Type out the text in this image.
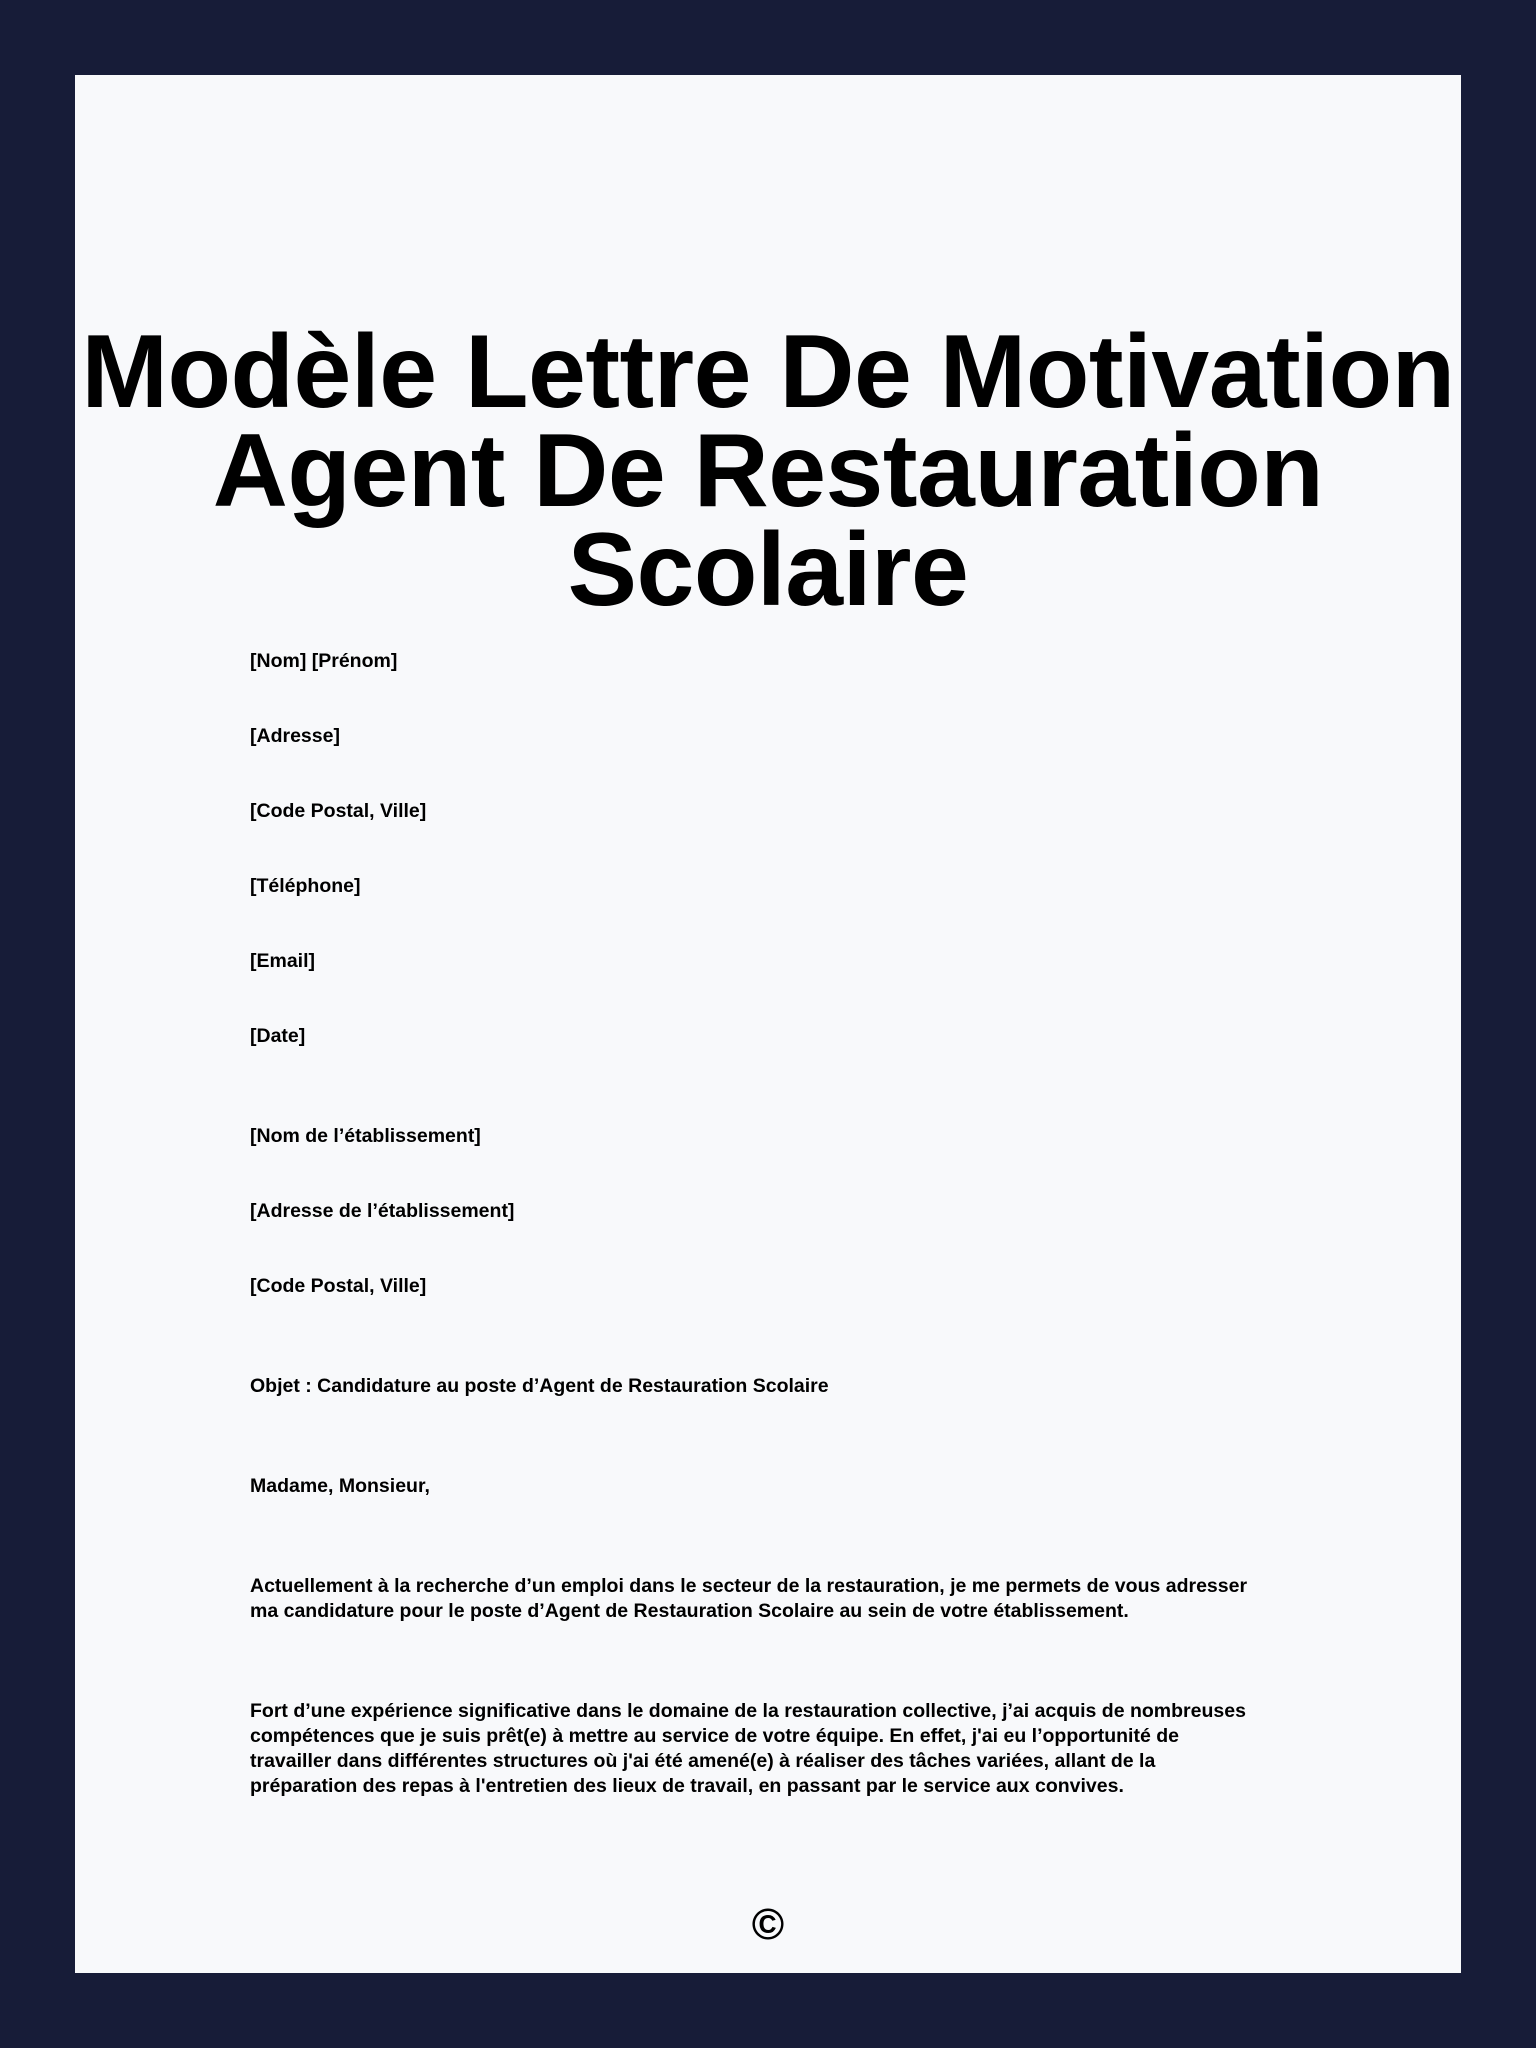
Modèle Lettre De Motivation
Agent De Restauration
Scolaire

[Nom] [Prénom]

[Adresse]

[Code Postal, Ville]

[Téléphone]

[Email]

[Date]

[Nom de l’établissement]

[Adresse de l’établissement]

[Code Postal, Ville]

Objet : Candidature au poste d’Agent de Restauration Scolaire

Madame, Monsieur,

Actuellement à la recherche d’un emploi dans le secteur de la restauration, je me permets de vous adresser
ma candidature pour le poste d’Agent de Restauration Scolaire au sein de votre établissement.
Fort d’une expérience significative dans le domaine de la restauration collective, j’ai acquis de nombreuses
compétences que je suis prêt(e) à mettre au service de votre équipe. En effet, j'ai eu l’opportunité de
travailler dans différentes structures où j'ai été amené(e) à réaliser des tâches variées, allant de la
préparation des repas à l'entretien des lieux de travail, en passant par le service aux convives.
©
